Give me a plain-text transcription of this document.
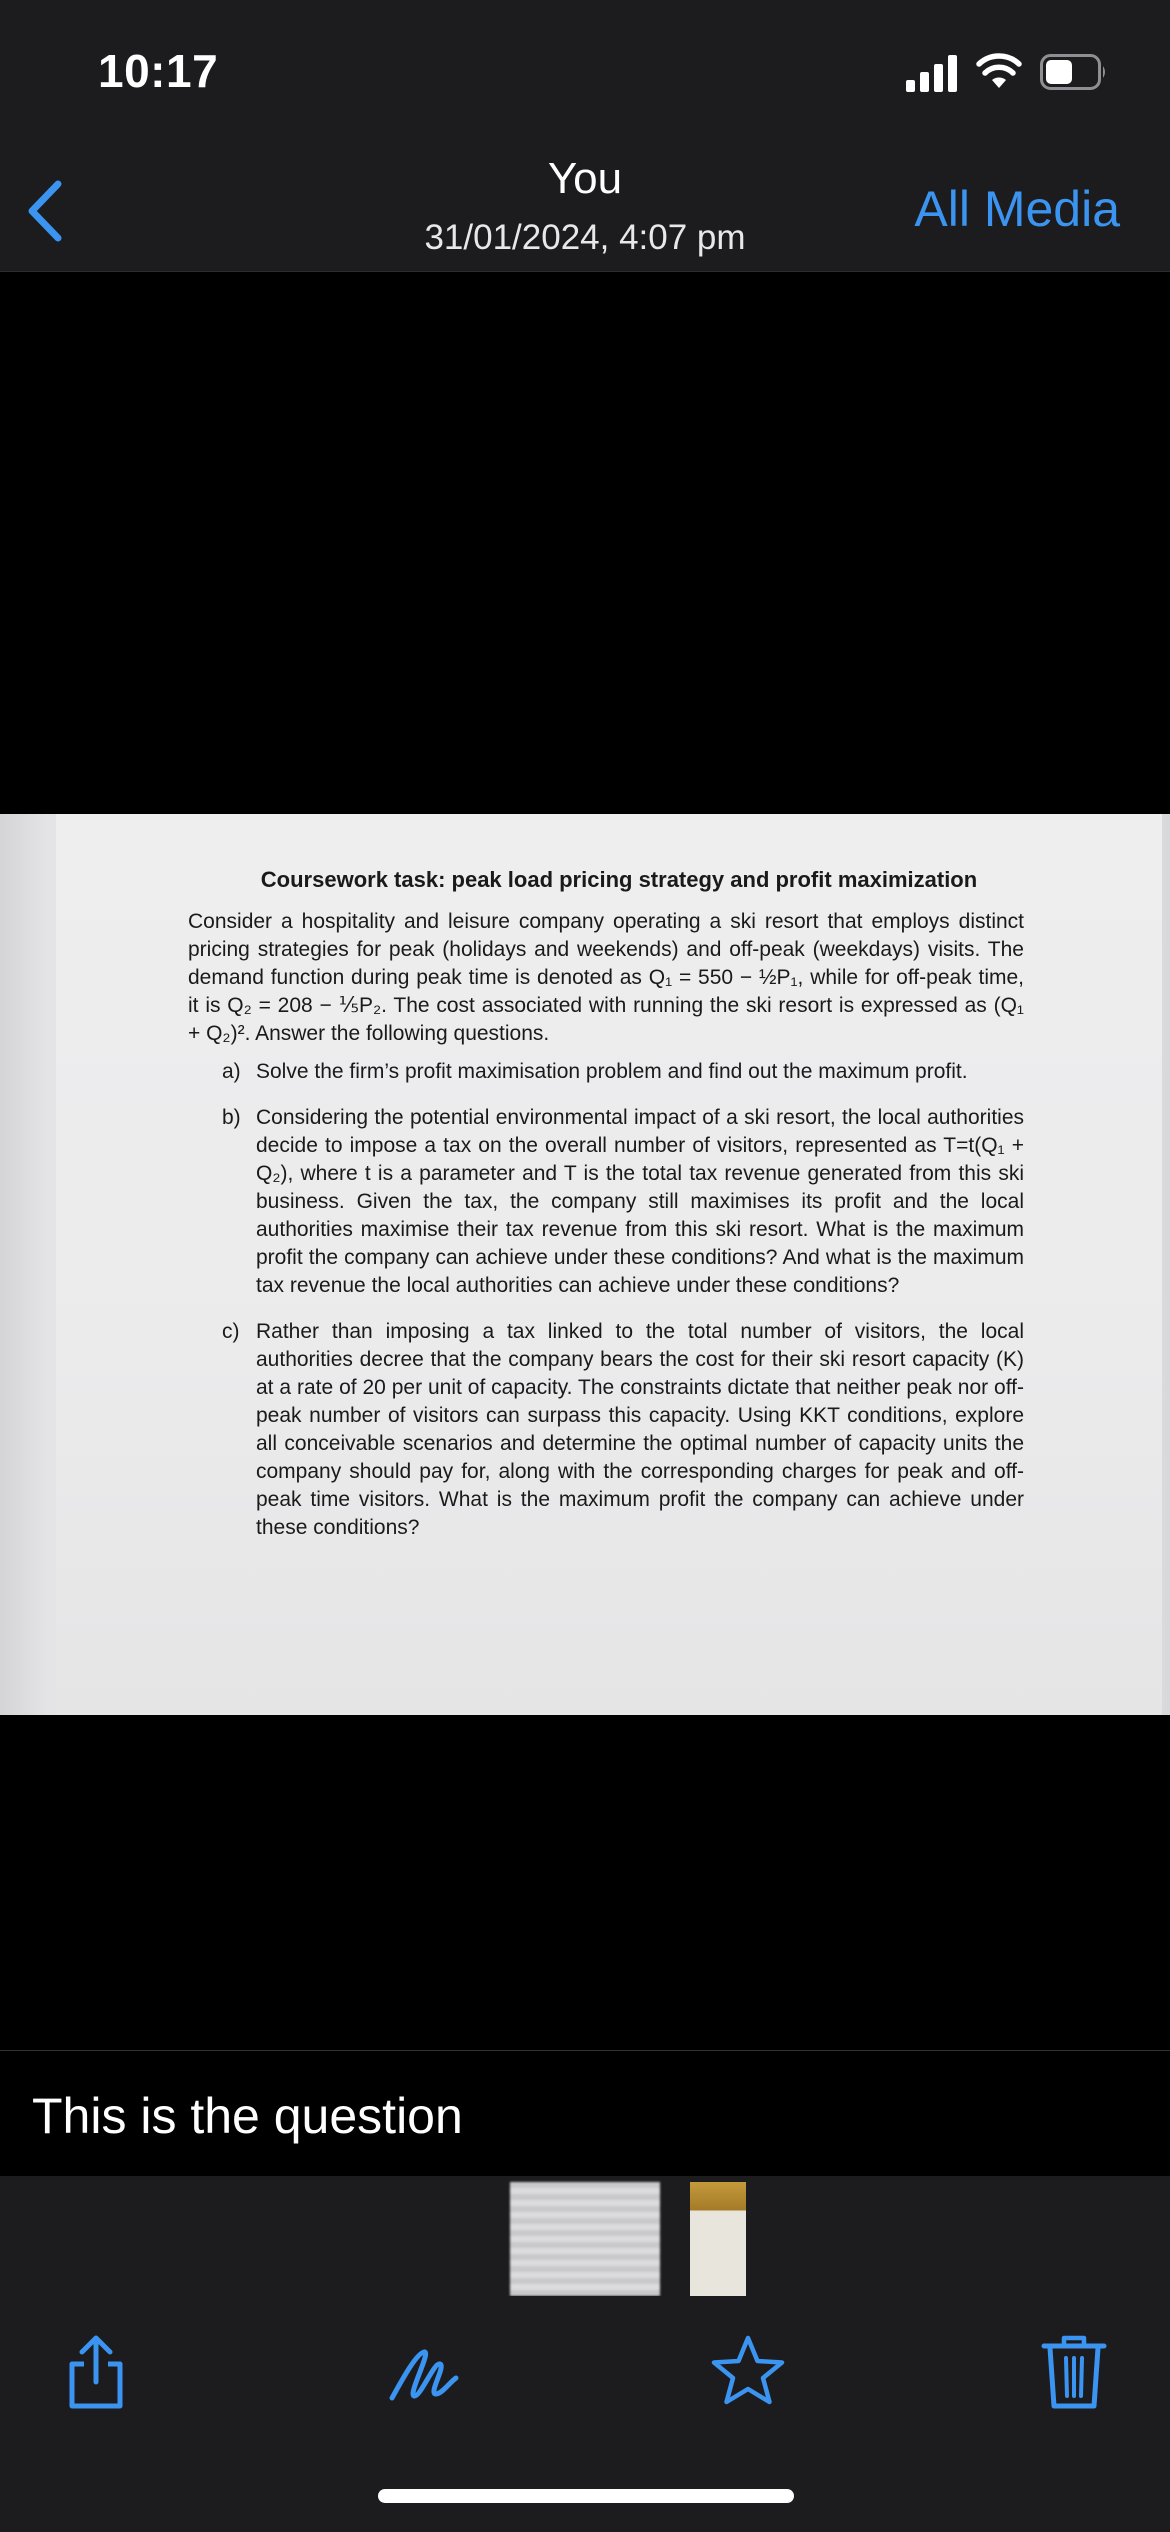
10:17
You
31/01/2024, 4:07 pm
All Media
Coursework task: peak load pricing strategy and profit maximization
Consider a hospitality and leisure company operating a ski resort that employs distinct pricing strategies for peak (holidays and weekends) and off-peak (weekdays) visits. The demand function during peak time is denoted as Q₁ = 550 − ½P₁, while for off-peak time, it is Q₂ = 208 − ⅕P₂. The cost associated with running the ski resort is expressed as (Q₁ + Q₂)². Answer the following questions.
a) Solve the firm’s profit maximisation problem and find out the maximum profit.
b) Considering the potential environmental impact of a ski resort, the local authorities decide to impose a tax on the overall number of visitors, represented as T=t(Q₁ + Q₂), where t is a parameter and T is the total tax revenue generated from this ski business. Given the tax, the company still maximises its profit and the local authorities maximise their tax revenue from this ski resort. What is the maximum profit the company can achieve under these conditions? And what is the maximum tax revenue the local authorities can achieve under these conditions?
c) Rather than imposing a tax linked to the total number of visitors, the local authorities decree that the company bears the cost for their ski resort capacity (K) at a rate of 20 per unit of capacity. The constraints dictate that neither peak nor off-peak number of visitors can surpass this capacity. Using KKT conditions, explore all conceivable scenarios and determine the optimal number of capacity units the company should pay for, along with the corresponding charges for peak and off-peak time visitors. What is the maximum profit the company can achieve under these conditions?
This is the question
